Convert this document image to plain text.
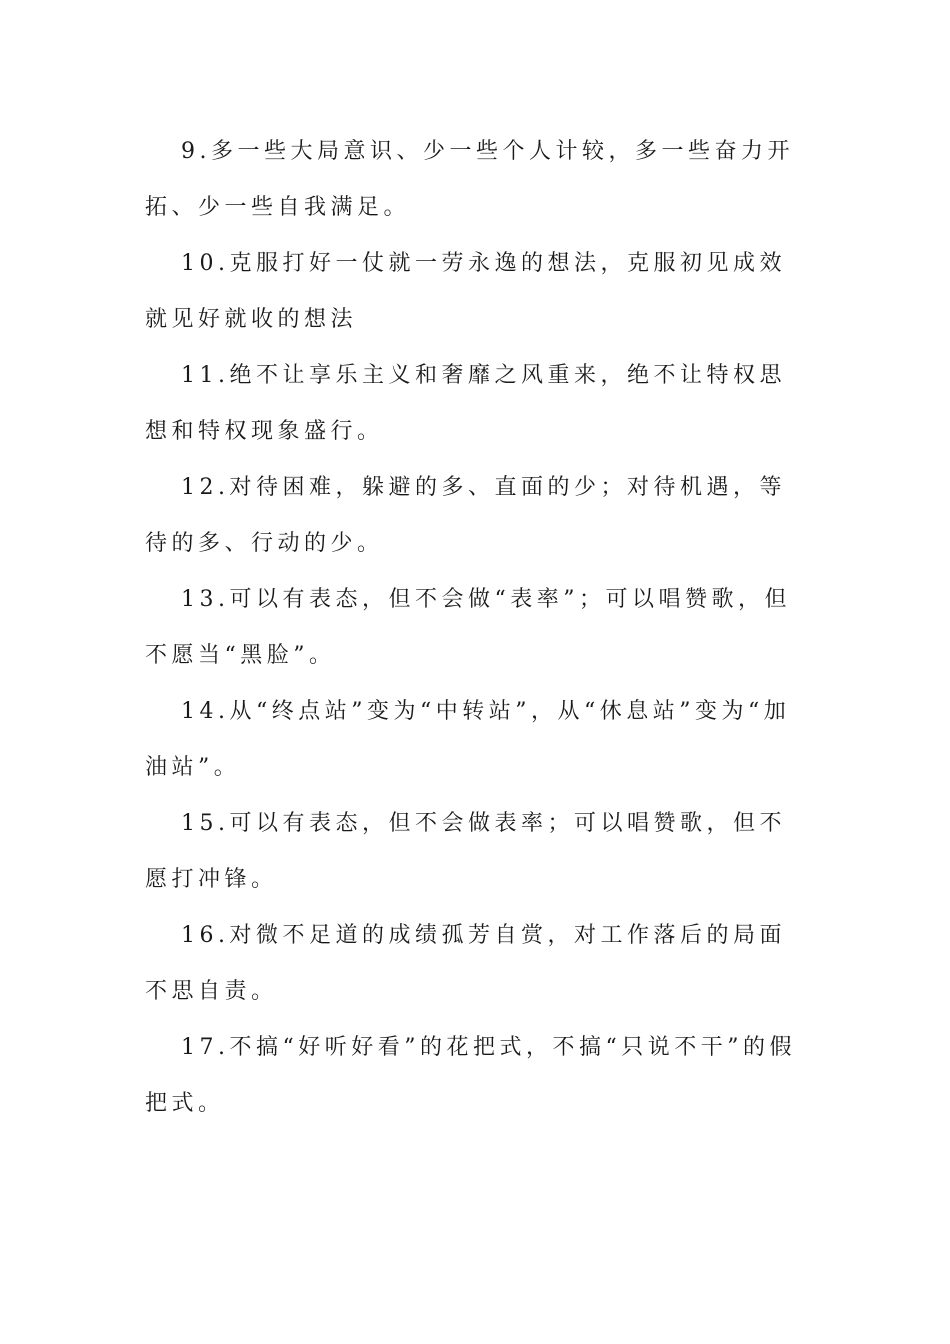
9.多一些大局意识、少一些个人计较，多一些奋力开拓、少一些自我满足。

10.克服打好一仗就一劳永逸的想法，克服初见成效就见好就收的想法

11.绝不让享乐主义和奢靡之风重来，绝不让特权思想和特权现象盛行。

12.对待困难，躲避的多、直面的少；对待机遇，等待的多、行动的少。

13.可以有表态，但不会做“表率”；可以唱赞歌，但不愿当“黑脸”。

14.从“终点站”变为“中转站”，从“休息站”变为“加油站”。

15.可以有表态，但不会做表率；可以唱赞歌，但不愿打冲锋。

16.对微不足道的成绩孤芳自赏，对工作落后的局面不思自责。

17.不搞“好听好看”的花把式，不搞“只说不干”的假把式。
